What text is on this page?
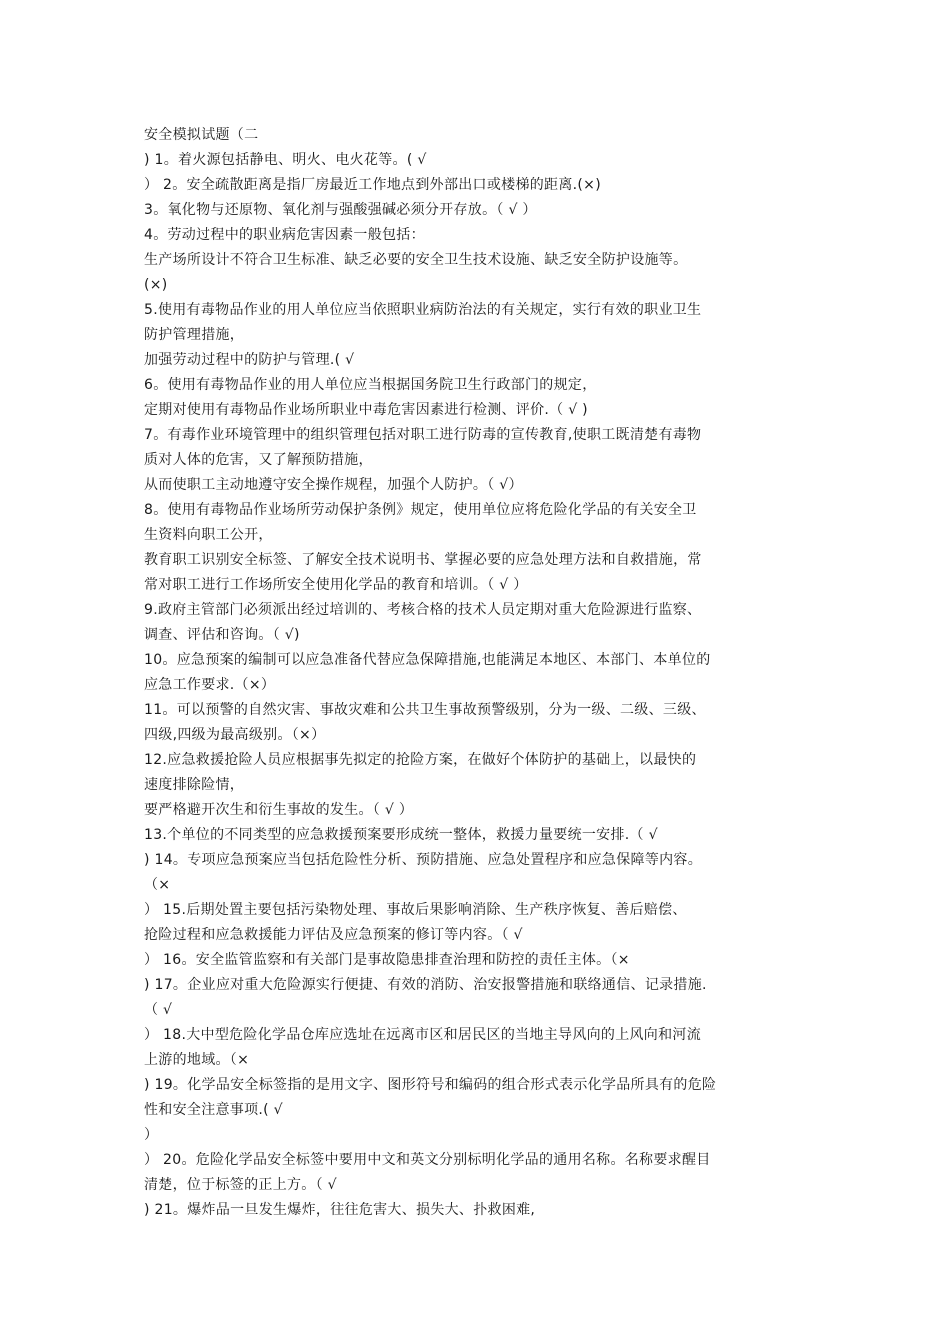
安全模拟试题（二
) 1。着火源包括静电、明火、电火花等。( √
） 2。安全疏散距离是指厂房最近工作地点到外部出口或楼梯的距离.(×)
3。氧化物与还原物、氧化剂与强酸强碱必须分开存放。（ √ ）
4。劳动过程中的职业病危害因素一般包括：
生产场所设计不符合卫生标准、缺乏必要的安全卫生技术设施、缺乏安全防护设施等。
(×)
5.使用有毒物品作业的用人单位应当依照职业病防治法的有关规定，实行有效的职业卫生
防护管理措施，
加强劳动过程中的防护与管理.( √
6。使用有毒物品作业的用人单位应当根据国务院卫生行政部门的规定，
定期对使用有毒物品作业场所职业中毒危害因素进行检测、评价.（ √ )
7。有毒作业环境管理中的组织管理包括对职工进行防毒的宣传教育,使职工既清楚有毒物
质对人体的危害，又了解预防措施，
从而使职工主动地遵守安全操作规程，加强个人防护。（ √）
8。使用有毒物品作业场所劳动保护条例》规定，使用单位应将危险化学品的有关安全卫
生资料向职工公开，
教育职工识别安全标签、了解安全技术说明书、掌握必要的应急处理方法和自救措施，常
常对职工进行工作场所安全使用化学品的教育和培训。（ √ ）
9.政府主管部门必须派出经过培训的、考核合格的技术人员定期对重大危险源进行监察、
调查、评估和咨询。（ √)
10。应急预案的编制可以应急准备代替应急保障措施,也能满足本地区、本部门、本单位的
应急工作要求.（×）
11。可以预警的自然灾害、事故灾难和公共卫生事故预警级别，分为一级、二级、三级、
四级,四级为最高级别。（×）
12.应急救援抢险人员应根据事先拟定的抢险方案，在做好个体防护的基础上，以最快的
速度排除险情，
要严格避开次生和衍生事故的发生。（ √ ）
13.个单位的不同类型的应急救援预案要形成统一整体，救援力量要统一安排.（ √
) 14。专项应急预案应当包括危险性分析、预防措施、应急处置程序和应急保障等内容。
（×
） 15.后期处置主要包括污染物处理、事故后果影响消除、生产秩序恢复、善后赔偿、
抢险过程和应急救援能力评估及应急预案的修订等内容。（ √
） 16。安全监管监察和有关部门是事故隐患排查治理和防控的责任主体。（×
) 17。企业应对重大危险源实行便捷、有效的消防、治安报警措施和联络通信、记录措施.
（ √
） 18.大中型危险化学品仓库应选址在远离市区和居民区的当地主导风向的上风向和河流
上游的地域。（×
) 19。化学品安全标签指的是用文字、图形符号和编码的组合形式表示化学品所具有的危险
性和安全注意事项.( √
）
） 20。危险化学品安全标签中要用中文和英文分别标明化学品的通用名称。名称要求醒目
清楚，位于标签的正上方。（ √
) 21。爆炸品一旦发生爆炸，往往危害大、损失大、扑救困难,
